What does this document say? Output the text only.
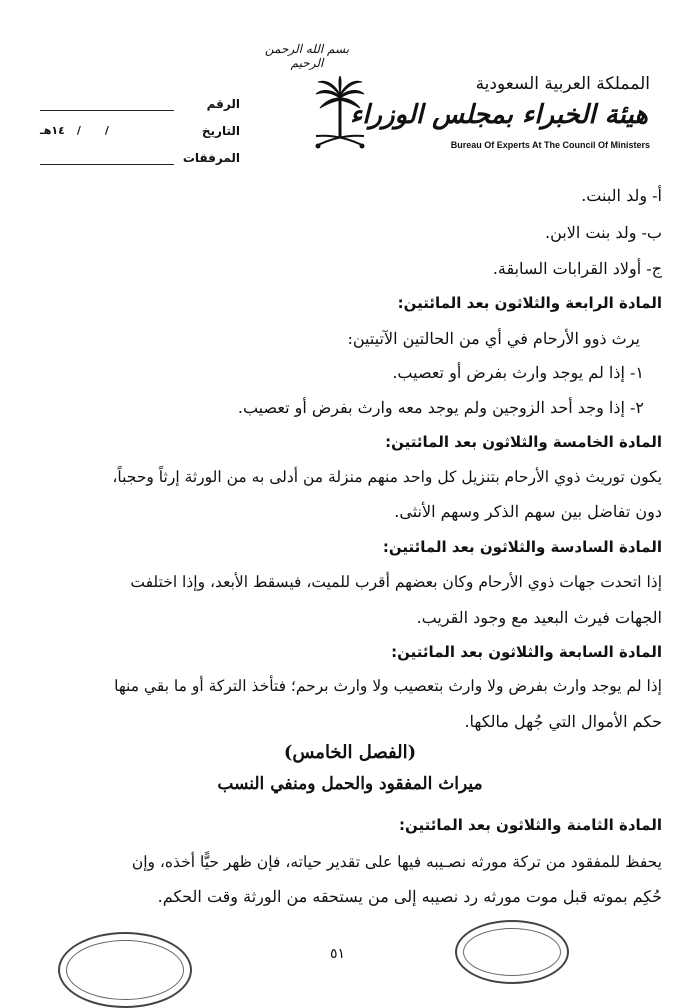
بسم الله الرحمن الرحيم
المملكة العربية السعودية
هيئة الخبراء بمجلس الوزراء
Bureau Of Experts At The Council Of Ministers
الرقم
التاريخ
١٤هـ / /
المرفقات
أ- ولد البنت.
ب- ولد بنت الابن.
ج- أولاد القرابات السابقة.
المادة الرابعة والثلاثون بعد المائتين:
يرث ذوو الأرحام في أي من الحالتين الآتيتين:
١- إذا لم يوجد وارث بفرض أو تعصيب.
٢- إذا وجد أحد الزوجين ولم يوجد معه وارث بفرض أو تعصيب.
المادة الخامسة والثلاثون بعد المائتين:
يكون توريث ذوي الأرحام بتنزيل كل واحد منهم منزلة من أدلى به من الورثة إرثاً وحجباً،
دون تفاضل بين سهم الذكر وسهم الأنثى.
المادة السادسة والثلاثون بعد المائتين:
إذا اتحدت جهات ذوي الأرحام وكان بعضهم أقرب للميت، فيسقط الأبعد، وإذا اختلفت
الجهات فيرث البعيد مع وجود القريب.
المادة السابعة والثلاثون بعد المائتين:
إذا لم يوجد وارث بفرض ولا وارث بتعصيب ولا وارث برحم؛ فتأخذ التركة أو ما بقي منها
حكم الأموال التي جُهل مالكها.
(الفصل الخامس)
ميراث المفقود والحمل ومنفي النسب
المادة الثامنة والثلاثون بعد المائتين:
يحفظ للمفقود من تركة مورثه نصـيبه فيها على تقدير حياته، فإن ظهر حيًّا أخذه، وإن
حُكِم بموته قبل موت مورثه رد نصيبه إلى من يستحقه من الورثة وقت الحكم.
٥١
